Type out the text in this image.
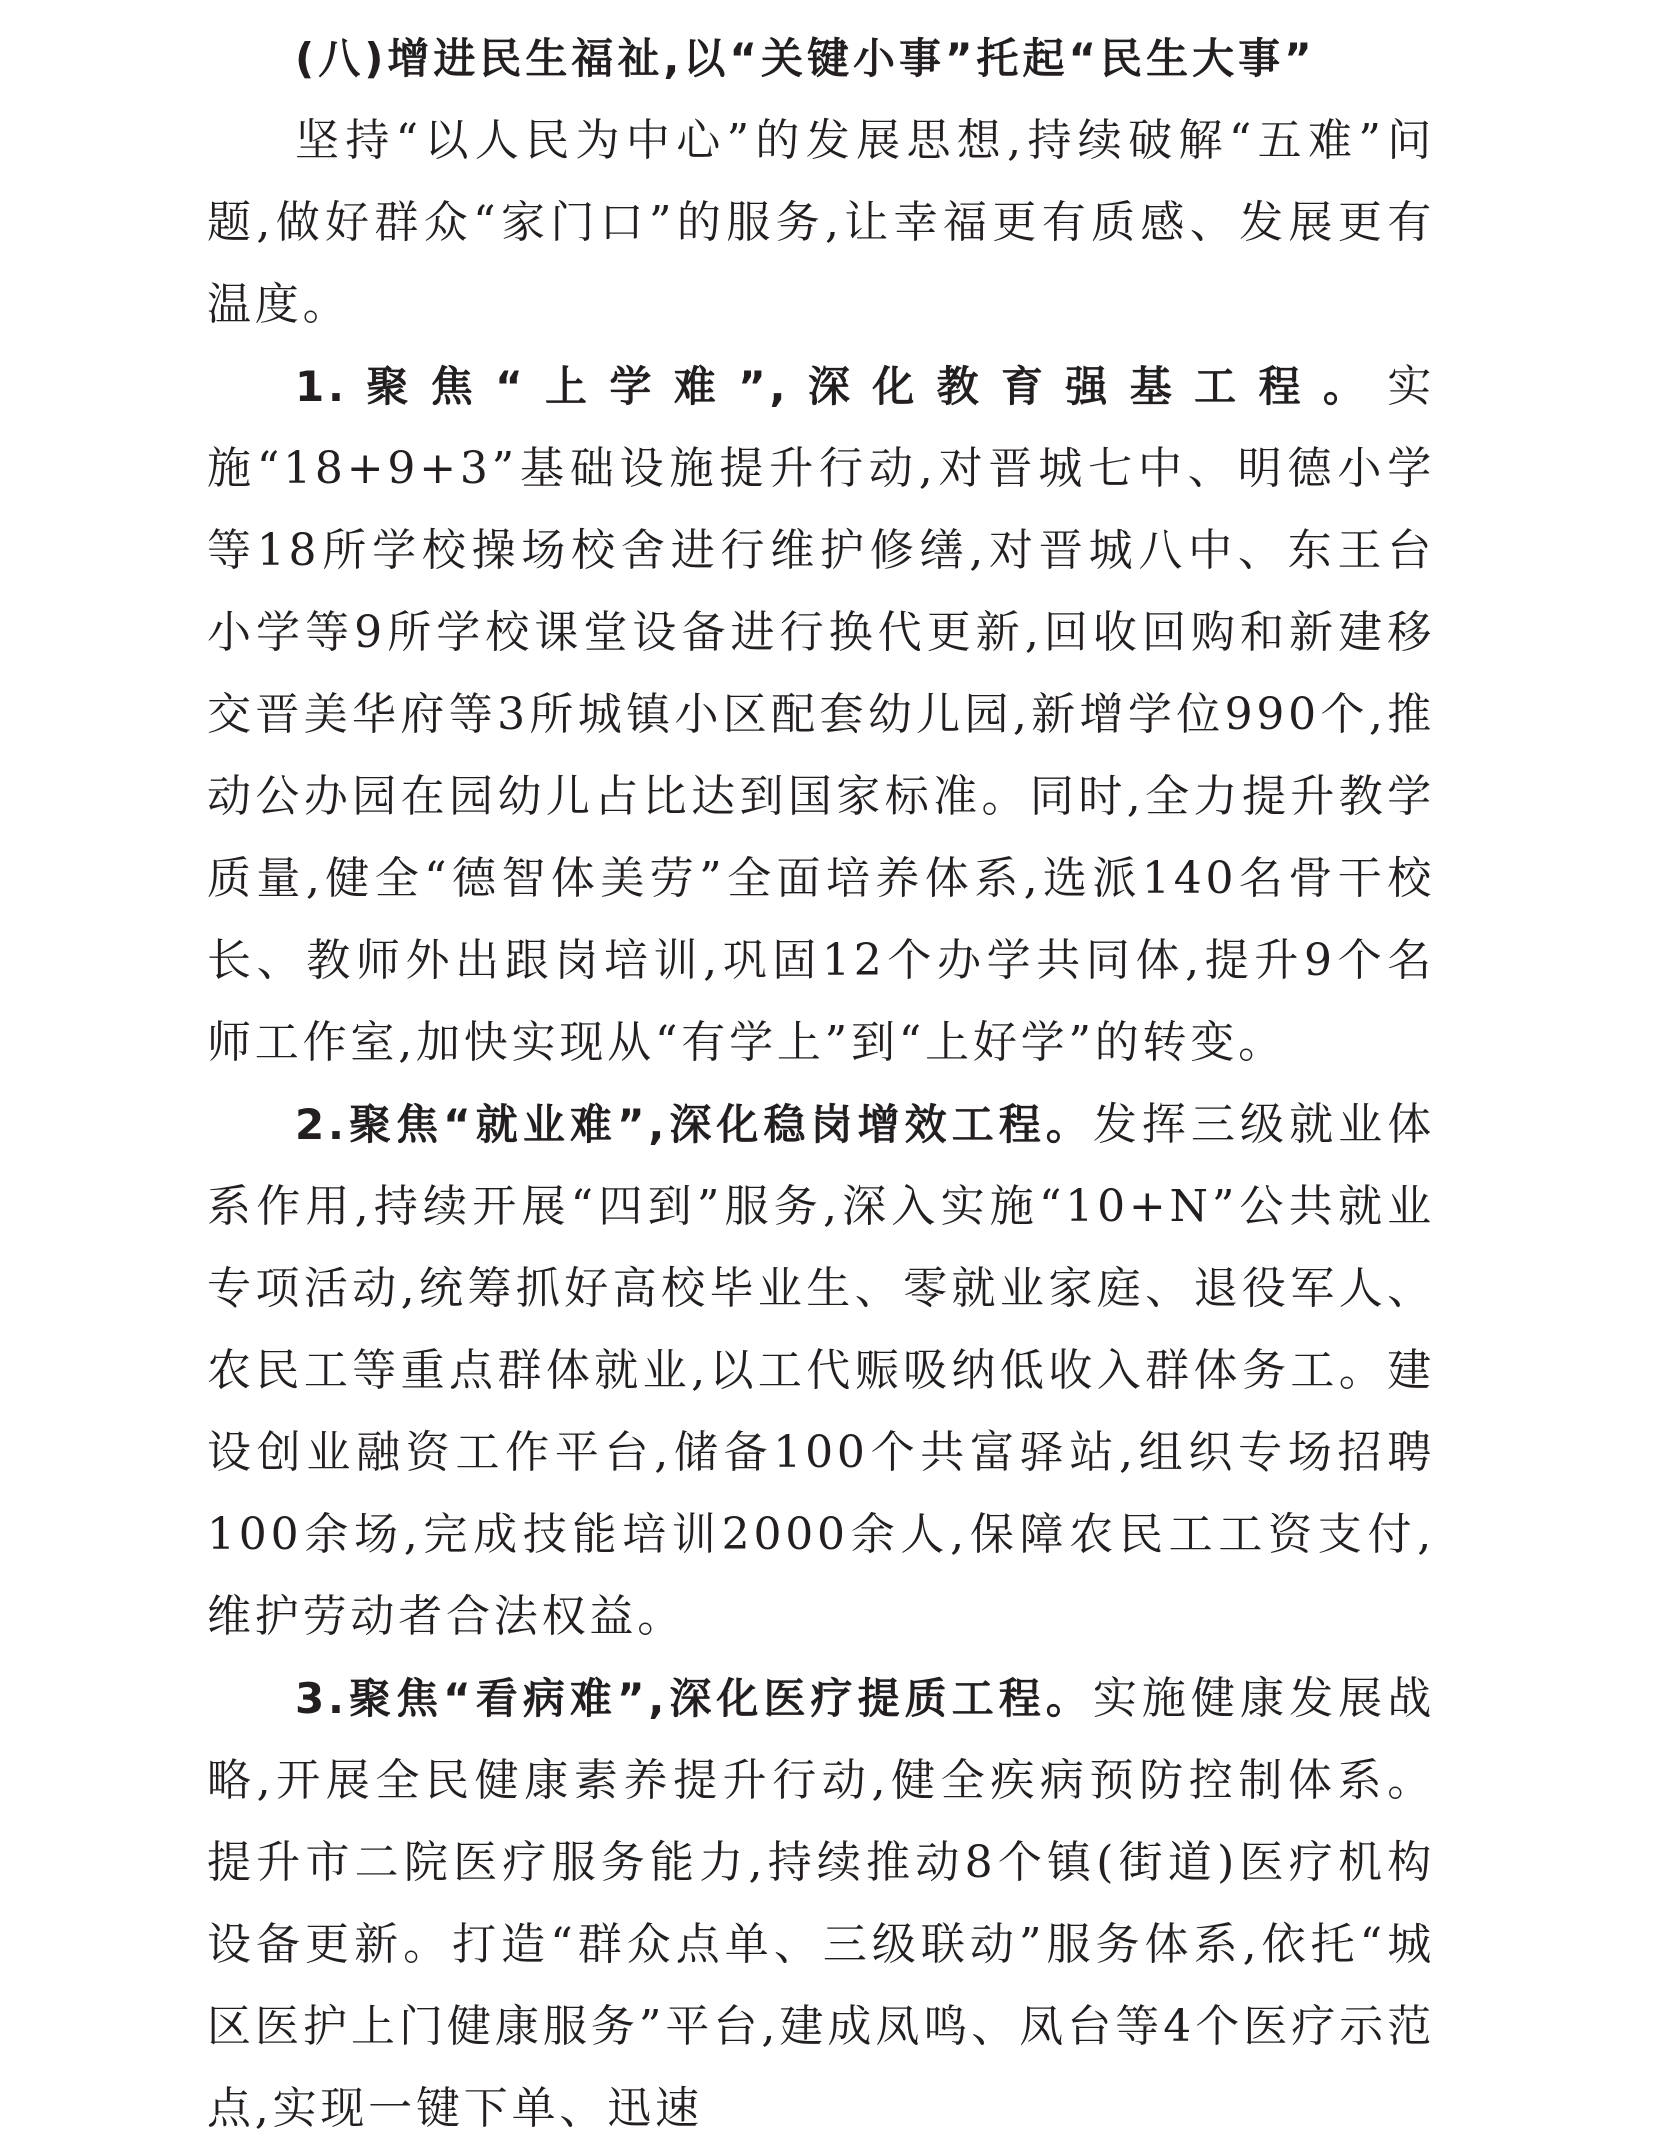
(八)增进民生福祉,以“关键小事”托起“民生大事”

坚持“以人民为中心”的发展思想,持续破解“五难”问题,做好群众“家门口”的服务,让幸福更有质感、发展更有温度。

1.聚焦“上学难”,深化教育强基工程。实施“18+9+3”基础设施提升行动,对晋城七中、明德小学等18所学校操场校舍进行维护修缮,对晋城八中、东王台小学等9所学校课堂设备进行换代更新,回收回购和新建移交晋美华府等3所城镇小区配套幼儿园,新增学位990个,推动公办园在园幼儿占比达到国家标准。同时,全力提升教学质量,健全“德智体美劳”全面培养体系,选派140名骨干校长、教师外出跟岗培训,巩固12个办学共同体,提升9个名师工作室,加快实现从“有学上”到“上好学”的转变。

2.聚焦“就业难”,深化稳岗增效工程。发挥三级就业体系作用,持续开展“四到”服务,深入实施“10+N”公共就业专项活动,统筹抓好高校毕业生、零就业家庭、退役军人、农民工等重点群体就业,以工代赈吸纳低收入群体务工。建设创业融资工作平台,储备100个共富驿站,组织专场招聘100余场,完成技能培训2000余人,保障农民工工资支付,维护劳动者合法权益。

3.聚焦“看病难”,深化医疗提质工程。实施健康发展战略,开展全民健康素养提升行动,健全疾病预防控制体系。提升市二院医疗服务能力,持续推动8个镇(街道)医疗机构设备更新。打造“群众点单、三级联动”服务体系,依托“城区医护上门健康服务”平台,建成凤鸣、凤台等4个医疗示范点,实现一键下单、迅速
